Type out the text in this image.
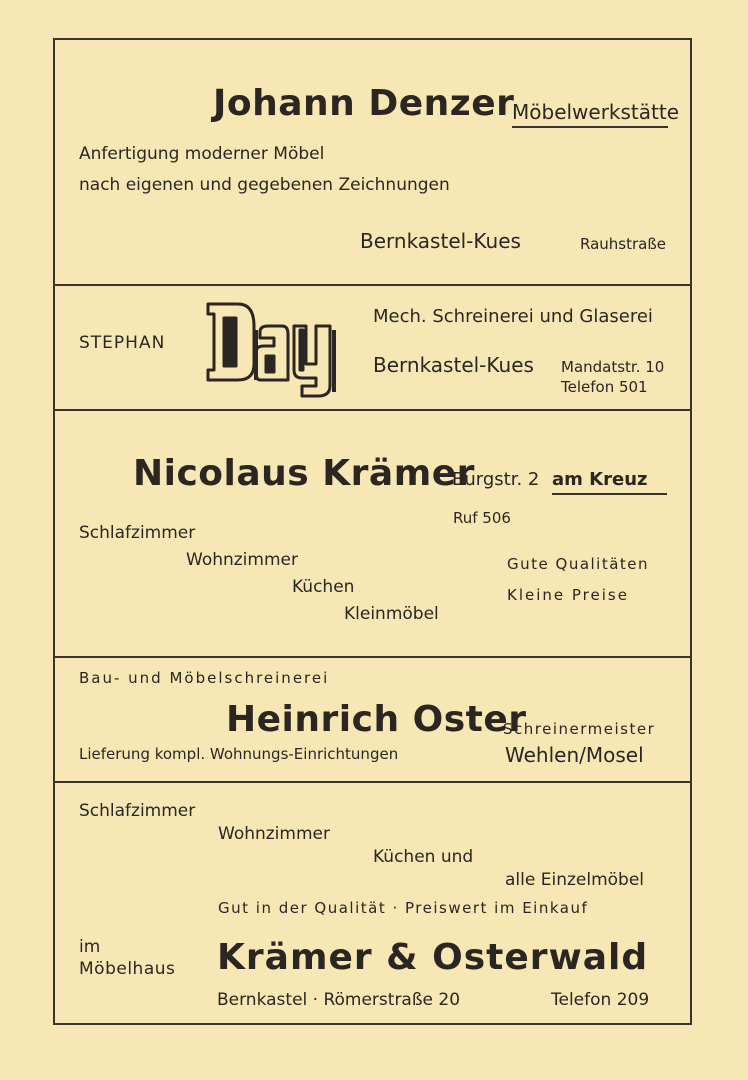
Johann Denzer
Möbelwerkstätte
Anfertigung moderner Möbel
nach eigenen und gegebenen Zeichnungen
Bernkastel-Kues	Rauhstraße
STEPHAN
Mech. Schreinerei und Glaserei
Bernkastel-Kues Mandatstr. 10
Telefon 501
Nicolaus Krämer
Burgstr. 2 am Kreuz
Ruf 506
Schlafzimmer
Wohnzimmer
Küchen
Kleinmöbel
Gute Qualitäten
Kleine Preise
Bau- und Möbelschreinerei
Heinrich Oster
Schreinermeister
Lieferung kompl. Wohnungs-Einrichtungen	Wehlen/Mosel
Schlafzimmer
Wohnzimmer
Küchen und
alle Einzelmöbel
Gut in der Qualität · Preiswert im Einkauf
im
Möbelhaus Krämer & Osterwald
Bernkastel · Römerstraße 20	Telefon 209
